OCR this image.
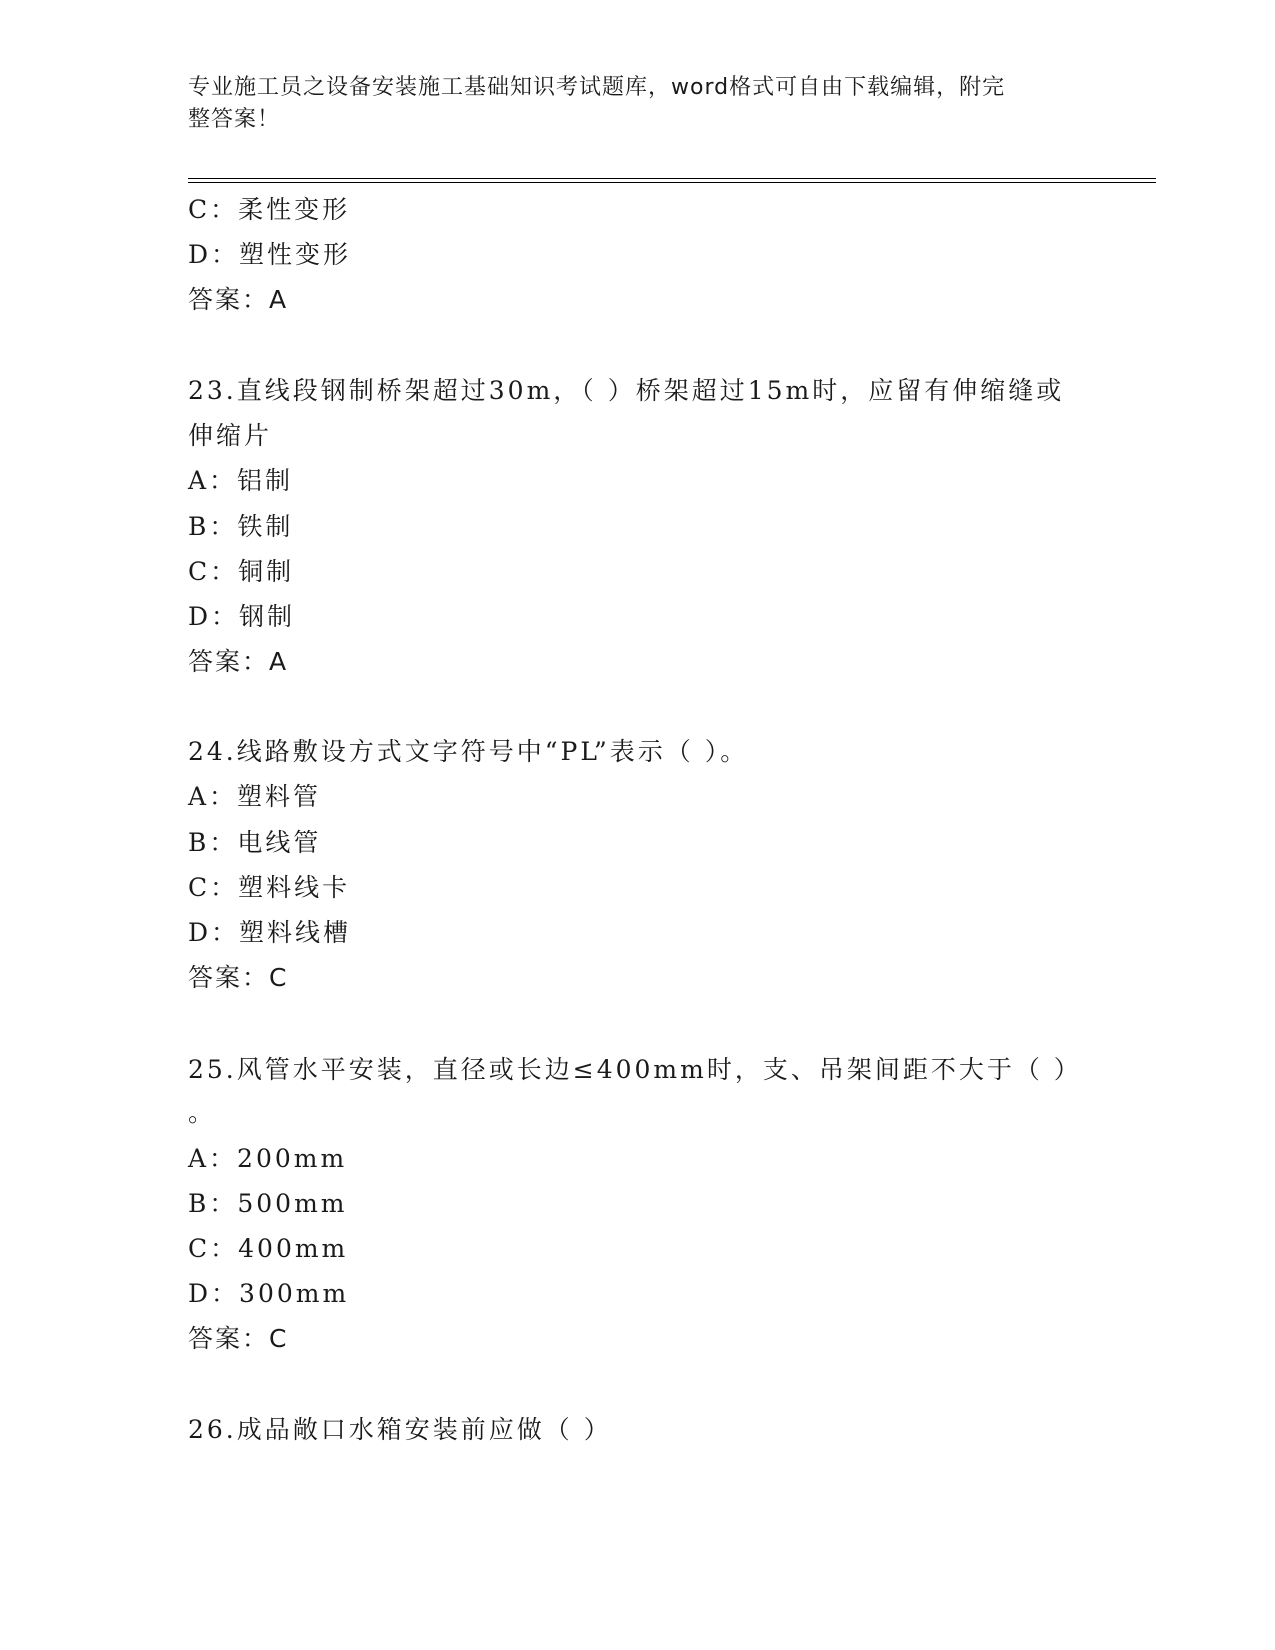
专业施工员之设备安装施工基础知识考试题库，word格式可自由下载编辑，附完
整答案！
C：柔性变形
D：塑性变形
答案：A
23.直线段钢制桥架超过30m，（ ）桥架超过15m时，应留有伸缩缝或
伸缩片
A：铝制
B：铁制
C：铜制
D：钢制
答案：A
24.线路敷设方式文字符号中“PL”表示（ ）。
A：塑料管
B：电线管
C：塑料线卡
D：塑料线槽
答案：C
25.风管水平安装，直径或长边≤400mm时，支、吊架间距不大于（ ）
。
A：200mm
B：500mm
C：400mm
D：300mm
答案：C
26.成品敞口水箱安装前应做（ ）
